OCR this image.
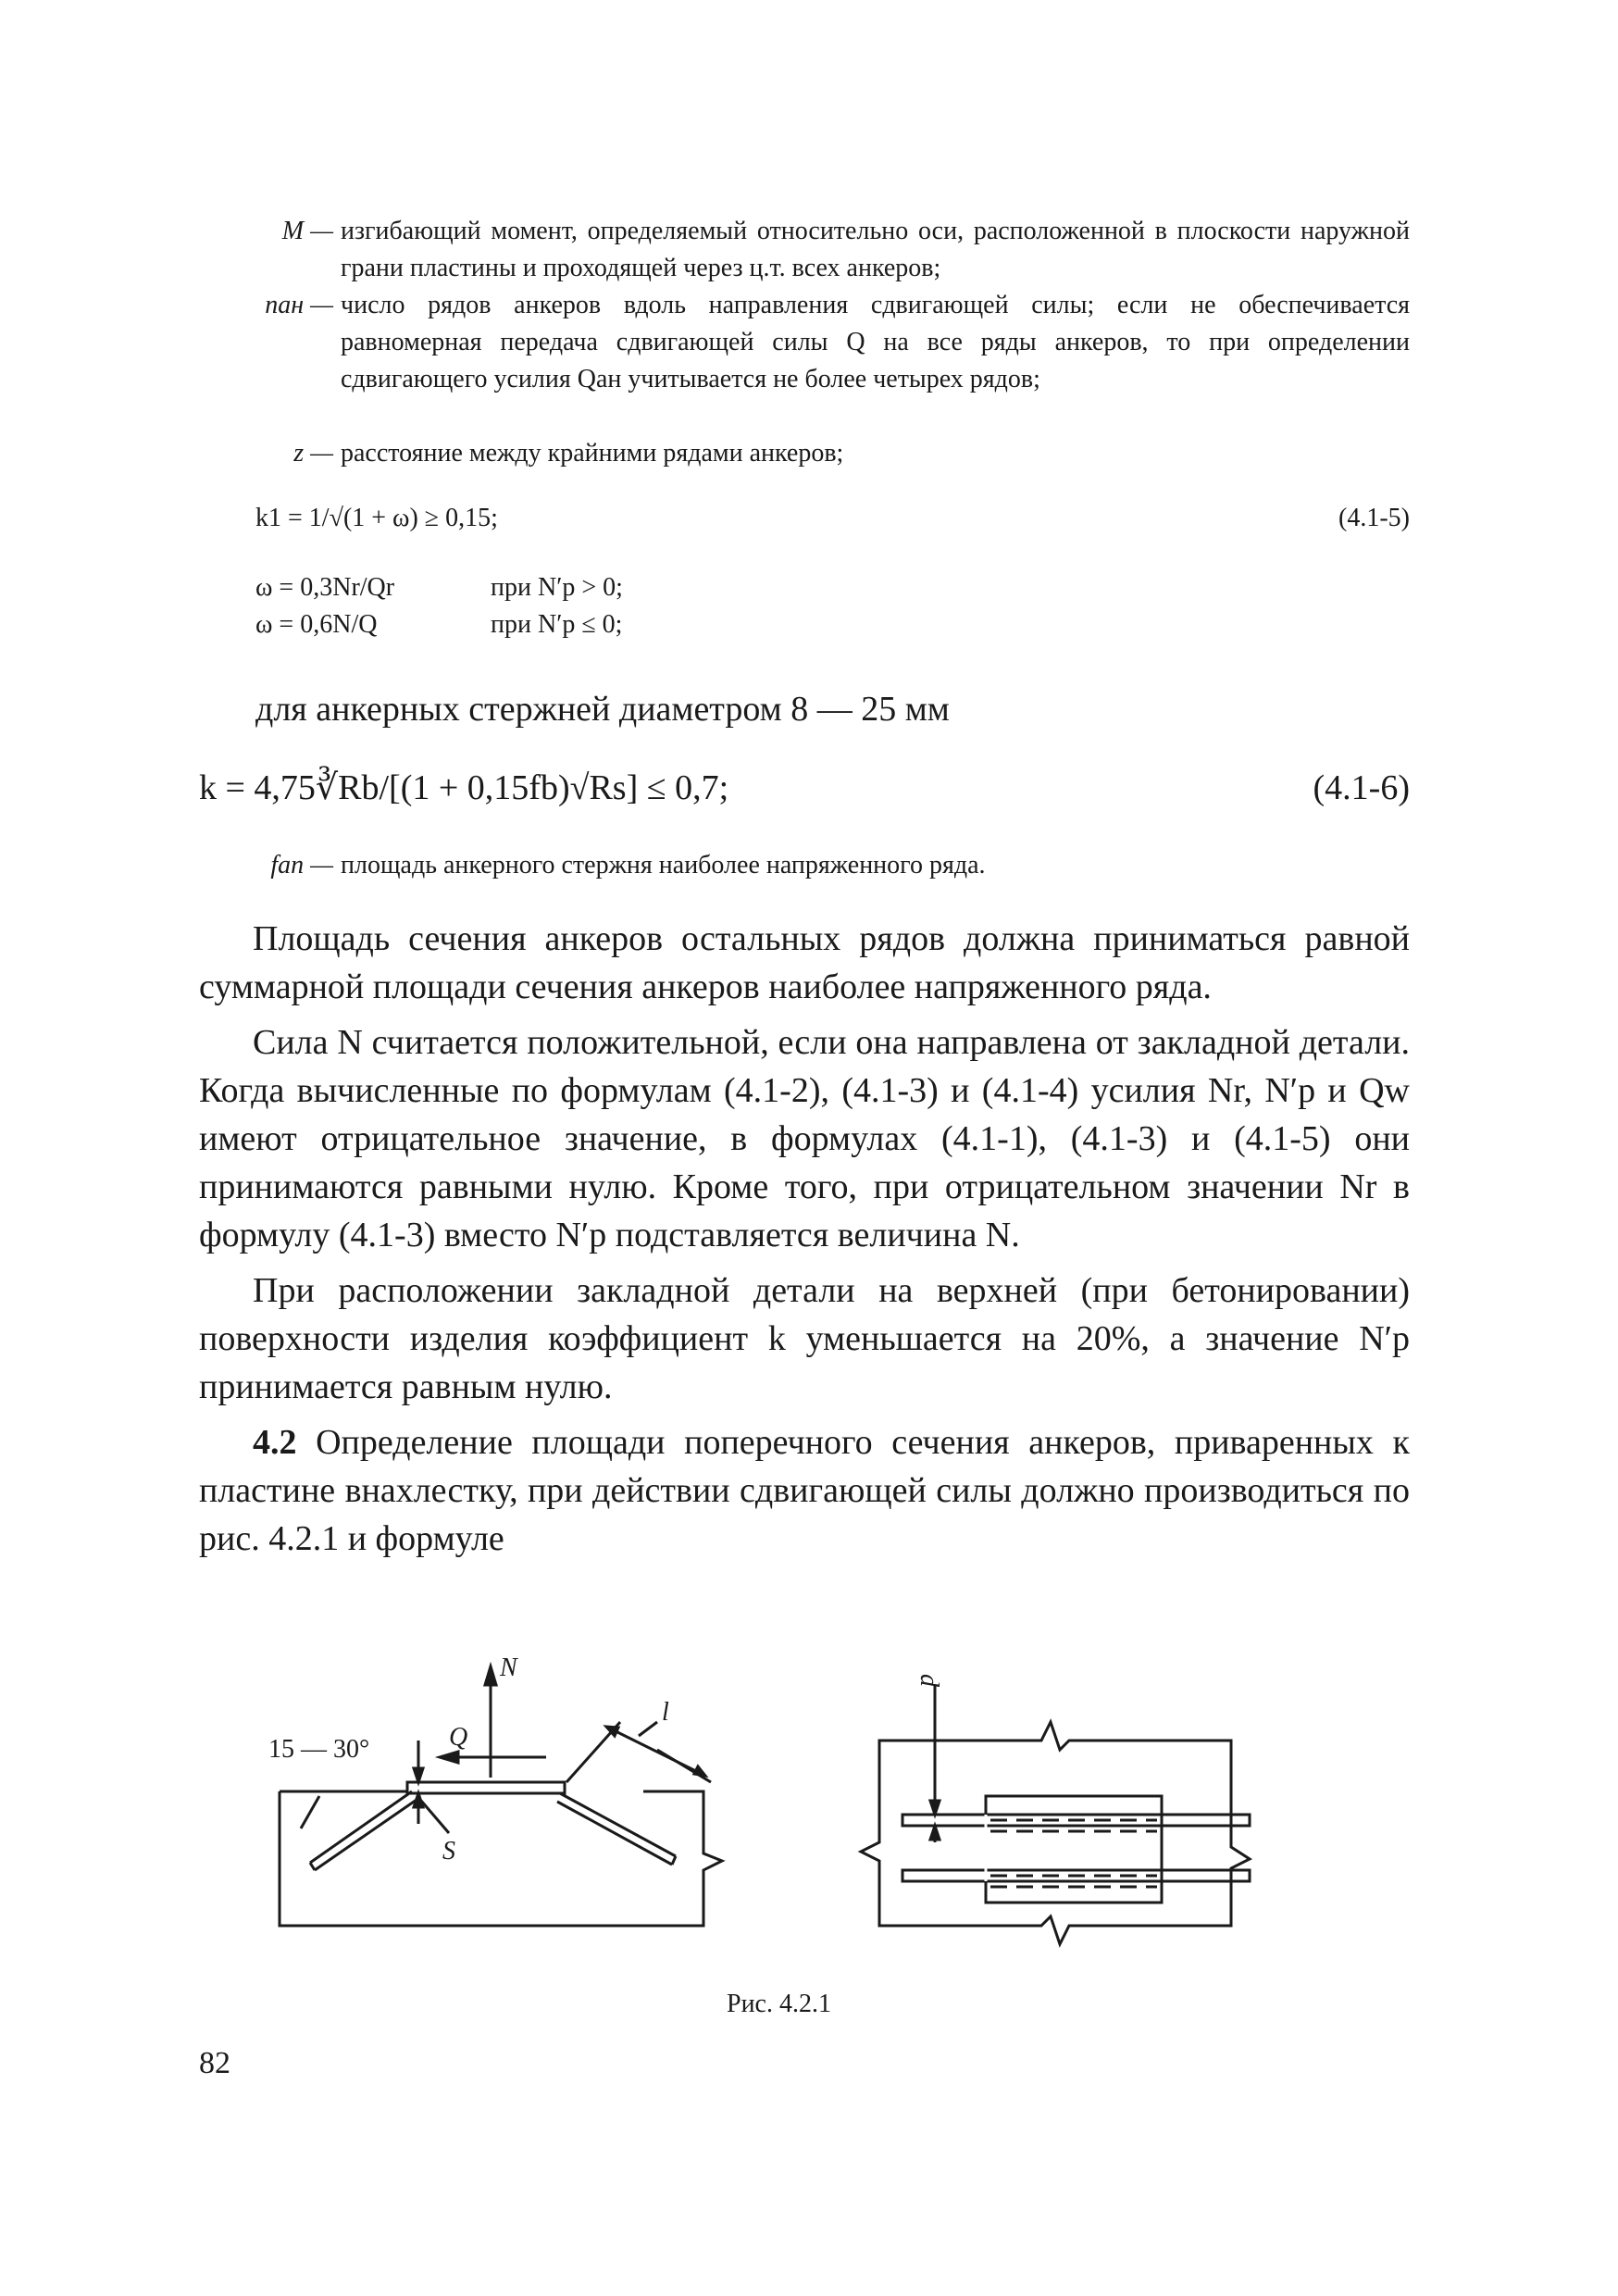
M — изгибающий момент, определяемый относительно оси, расположенной в плоскости наружной грани пластины и проходящей через ц.т. всех анкеров;
nан — число рядов анкеров вдоль направления сдвигающей силы; если не обеспечивается равномерная передача сдвигающей силы Q на все ряды анкеров, то при определении сдвигающего усилия Qан учитывается не более четырех рядов;
z — расстояние между крайними рядами анкеров;
k1 = 1/√(1 + ω) ≥ 0,15;	(4.1-5)
ω = 0,3Nr/Qr	при N′p > 0;
ω = 0,6N/Q	при N′p ≤ 0;
для анкерных стержней диаметром 8 — 25 мм
k = 4,75∛Rb/[(1 + 0,15fb)√Rs] ≤ 0,7;	(4.1-6)
fan — площадь анкерного стержня наиболее напряженного ряда.

Площадь сечения анкеров остальных рядов должна приниматься равной суммарной площади сечения анкеров наиболее напряженного ряда.

Сила N считается положительной, если она направлена от закладной детали. Когда вычисленные по формулам (4.1-2), (4.1-3) и (4.1-4) усилия Nr, N′p и Qw имеют отрицательное значение, в формулах (4.1-1), (4.1-3) и (4.1-5) они принимаются равными нулю. Кроме того, при отрицательном значении Nr в формулу (4.1-3) вместо N′p подставляется величина N.

При расположении закладной детали на верхней (при бетонировании) поверхности изделия коэффициент k уменьшается на 20%, а значение N′p принимается равным нулю.

4.2 Определение площади поперечного сечения анкеров, приваренных к пластине внахлестку, при действии сдвигающей силы должно производиться по рис. 4.2.1 и формуле

15 — 30°
N
Q
S
l
d
Рис. 4.2.1
82
